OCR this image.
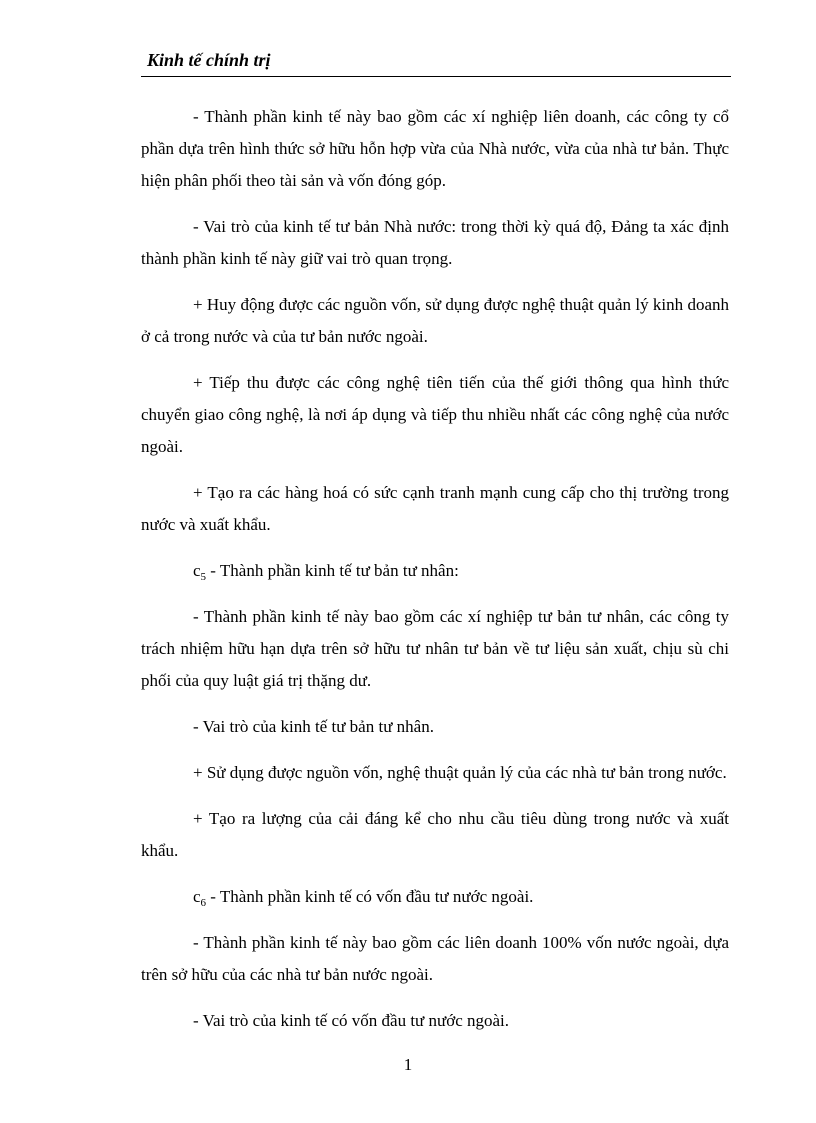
Kinh tế chính trị

- Thành phần kinh tế này bao gồm các xí nghiệp liên doanh, các công ty cổ phần dựa trên hình thức sở hữu hỗn hợp vừa của Nhà nước, vừa của nhà tư bản. Thực hiện phân phối theo tài sản và vốn đóng góp.

- Vai trò của kinh tế tư bản Nhà nước: trong thời kỳ quá độ, Đảng ta xác định thành phần kinh tế này giữ vai trò quan trọng.

+ Huy động được các nguồn vốn, sử dụng được nghệ thuật quản lý kinh doanh ở cả trong nước và của tư bản nước ngoài.

+ Tiếp thu được các công nghệ tiên tiến của thế giới thông qua hình thức chuyển giao công nghệ, là nơi áp dụng và tiếp thu nhiều nhất các công nghệ của nước ngoài.

+ Tạo ra các hàng hoá có sức cạnh tranh mạnh cung cấp cho thị trường trong nước và xuất khẩu.

$c_5$ - Thành phần kinh tế tư bản tư nhân:

- Thành phần kinh tế này bao gồm các xí nghiệp tư bản tư nhân, các công ty trách nhiệm hữu hạn dựa trên sở hữu tư nhân tư bản về tư liệu sản xuất, chịu sù chi phối của quy luật giá trị thặng dư.

- Vai trò của kinh tế tư bản tư nhân.

+ Sử dụng được nguồn vốn, nghệ thuật quản lý của các nhà tư bản trong nước.

+ Tạo ra lượng của cải đáng kể cho nhu cầu tiêu dùng trong nước và xuất khẩu.

$c_6$ - Thành phần kinh tế có vốn đầu tư nước ngoài.

- Thành phần kinh tế này bao gồm các liên doanh 100% vốn nước ngoài, dựa trên sở hữu của các nhà tư bản nước ngoài.

- Vai trò của kinh tế có vốn đầu tư nước ngoài.

1
